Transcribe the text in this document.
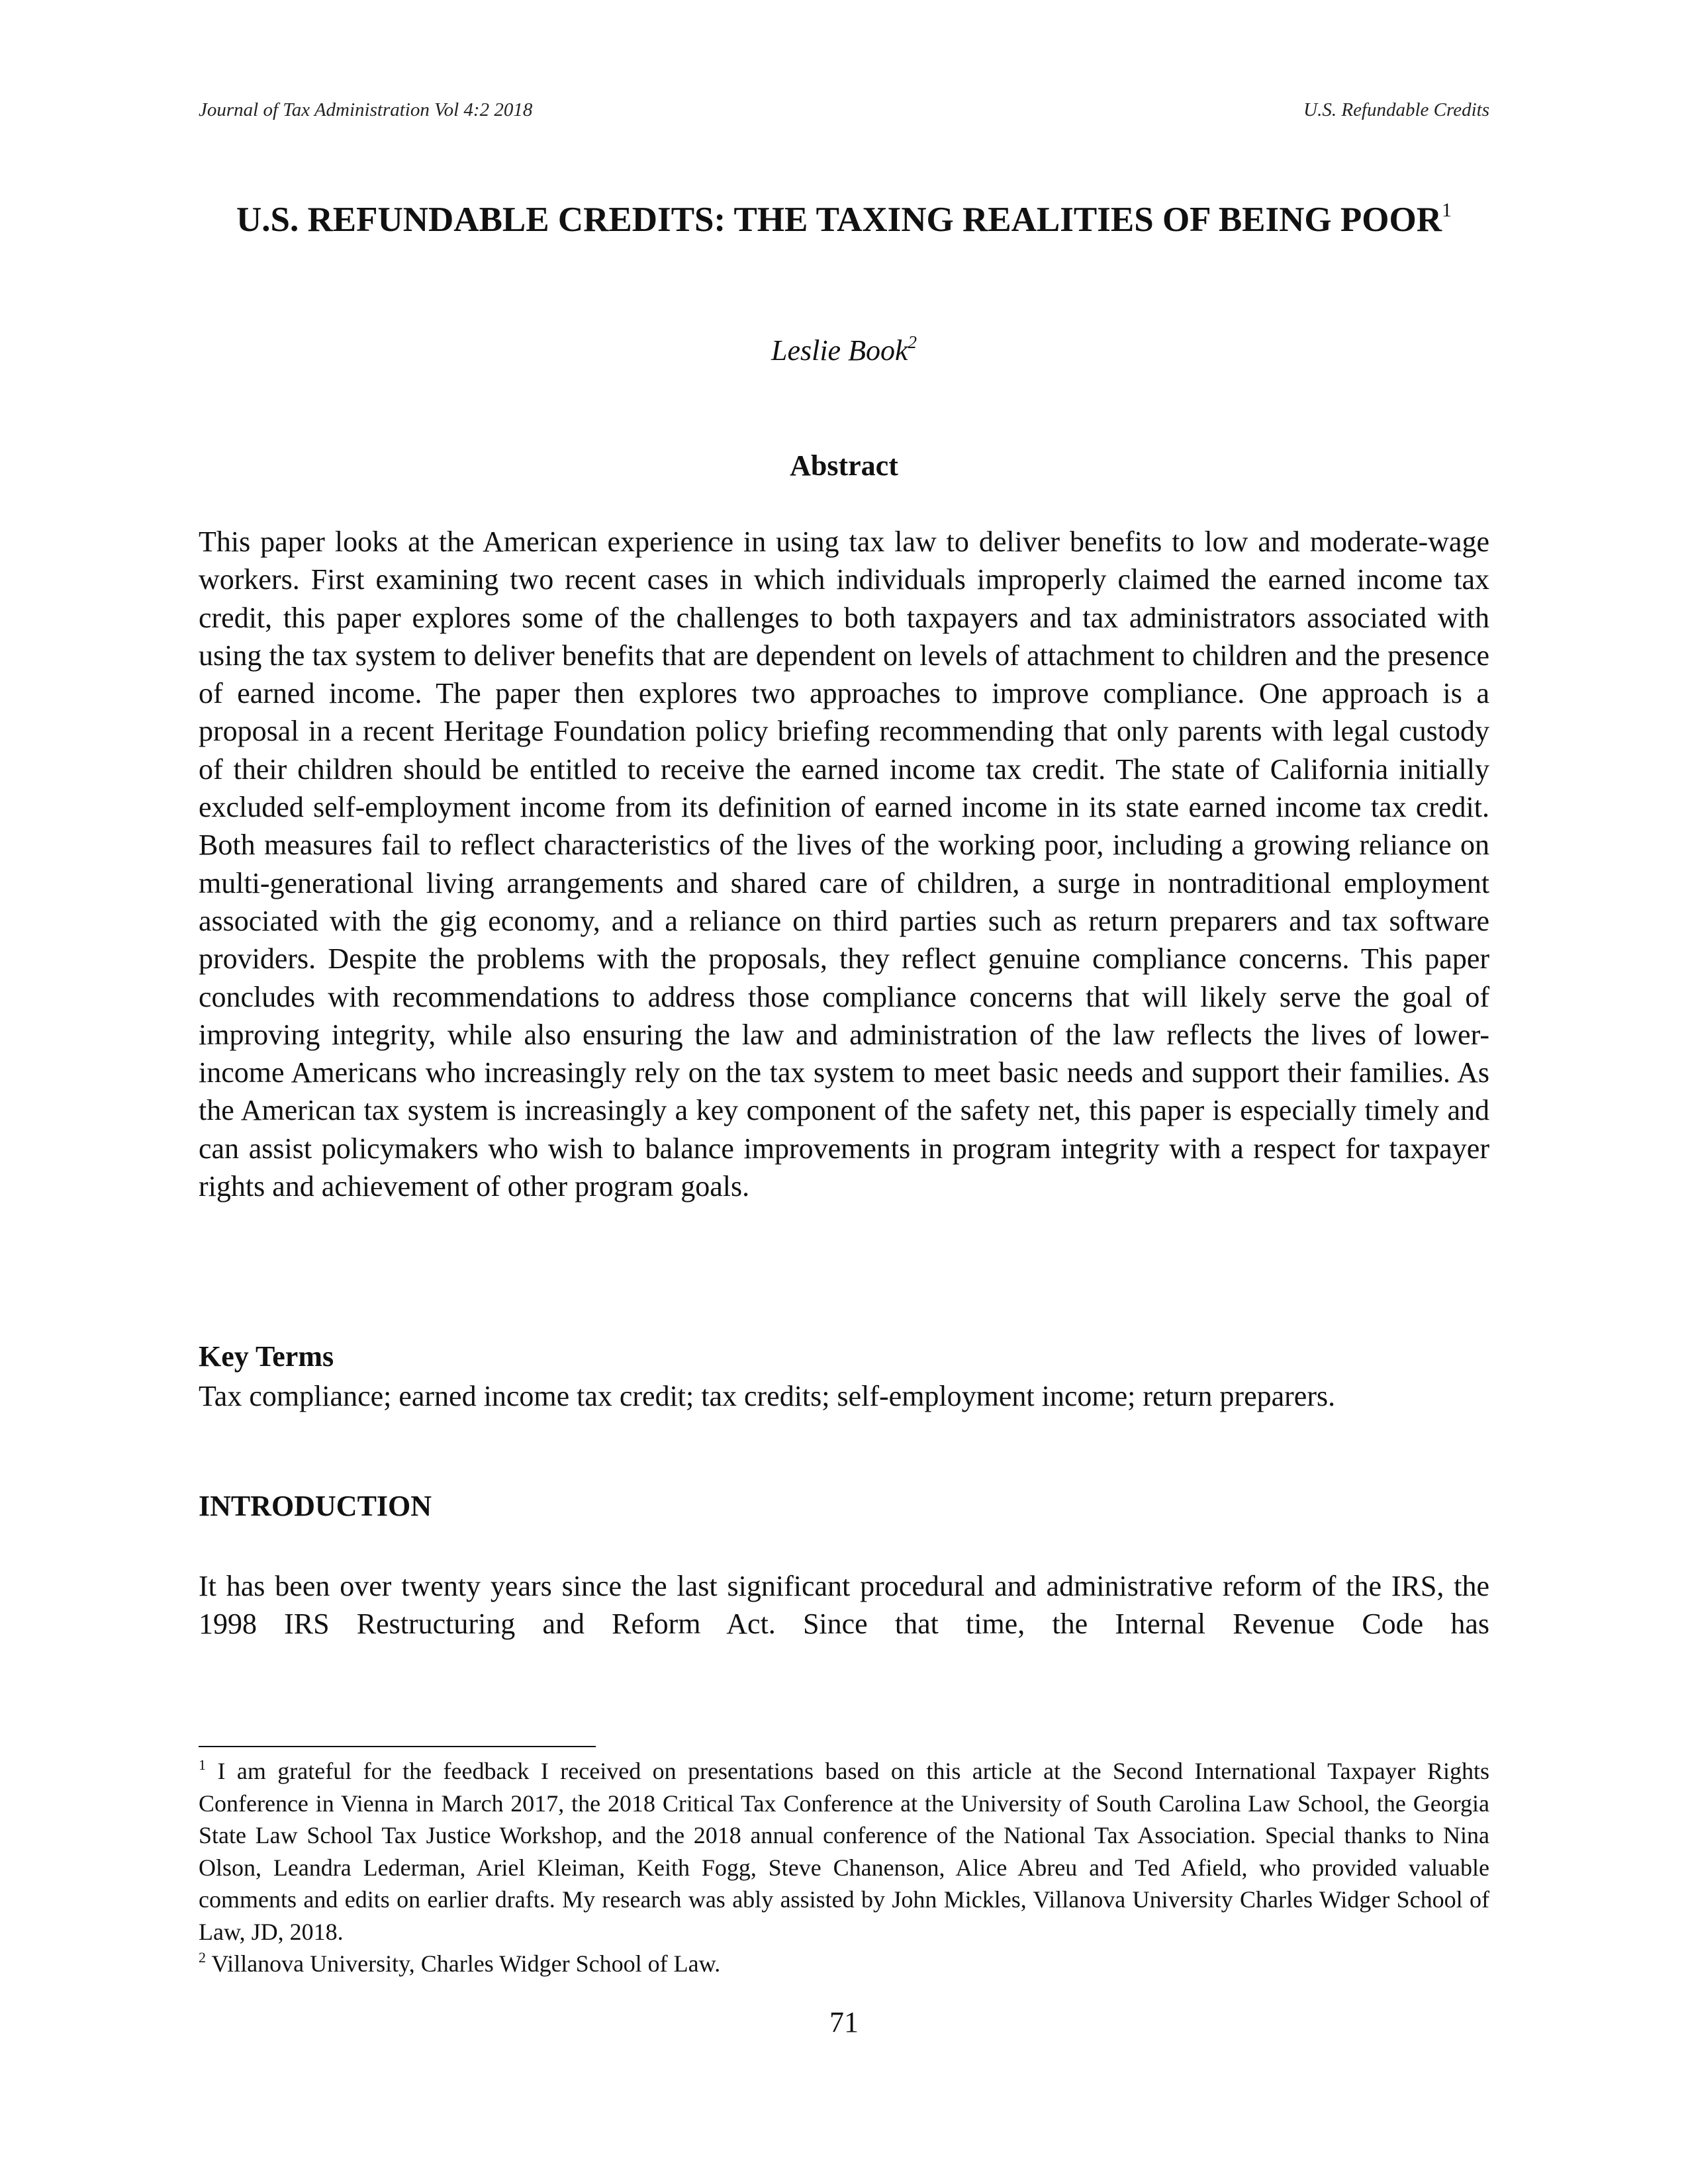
Journal of Tax Administration Vol 4:2 2018	U.S. Refundable Credits
U.S. REFUNDABLE CREDITS: THE TAXING REALITIES OF BEING POOR$^1$
Leslie Book$^2$
Abstract
This paper looks at the American experience in using tax law to deliver benefits to low and moderate-wage workers. First examining two recent cases in which individuals improperly claimed the earned income tax credit, this paper explores some of the challenges to both taxpayers and tax administrators associated with using the tax system to deliver benefits that are dependent on levels of attachment to children and the presence of earned income. The paper then explores two approaches to improve compliance. One approach is a proposal in a recent Heritage Foundation policy briefing recommending that only parents with legal custody of their children should be entitled to receive the earned income tax credit. The state of California initially excluded self-employment income from its definition of earned income in its state earned income tax credit. Both measures fail to reflect characteristics of the lives of the working poor, including a growing reliance on multi-generational living arrangements and shared care of children, a surge in nontraditional employment associated with the gig economy, and a reliance on third parties such as return preparers and tax software providers. Despite the problems with the proposals, they reflect genuine compliance concerns. This paper concludes with recommendations to address those compliance concerns that will likely serve the goal of improving integrity, while also ensuring the law and administration of the law reflects the lives of lower-income Americans who increasingly rely on the tax system to meet basic needs and support their families. As the American tax system is increasingly a key component of the safety net, this paper is especially timely and can assist policymakers who wish to balance improvements in program integrity with a respect for taxpayer rights and achievement of other program goals.
Key Terms
Tax compliance; earned income tax credit; tax credits; self-employment income; return preparers.
INTRODUCTION
It has been over twenty years since the last significant procedural and administrative reform of the IRS, the 1998 IRS Restructuring and Reform Act. Since that time, the Internal Revenue Code has

$^1$ I am grateful for the feedback I received on presentations based on this article at the Second International Taxpayer Rights Conference in Vienna in March 2017, the 2018 Critical Tax Conference at the University of South Carolina Law School, the Georgia State Law School Tax Justice Workshop, and the 2018 annual conference of the National Tax Association. Special thanks to Nina Olson, Leandra Lederman, Ariel Kleiman, Keith Fogg, Steve Chanenson, Alice Abreu and Ted Afield, who provided valuable comments and edits on earlier drafts. My research was ably assisted by John Mickles, Villanova University Charles Widger School of Law, JD, 2018.

$^2$ Villanova University, Charles Widger School of Law.

71
